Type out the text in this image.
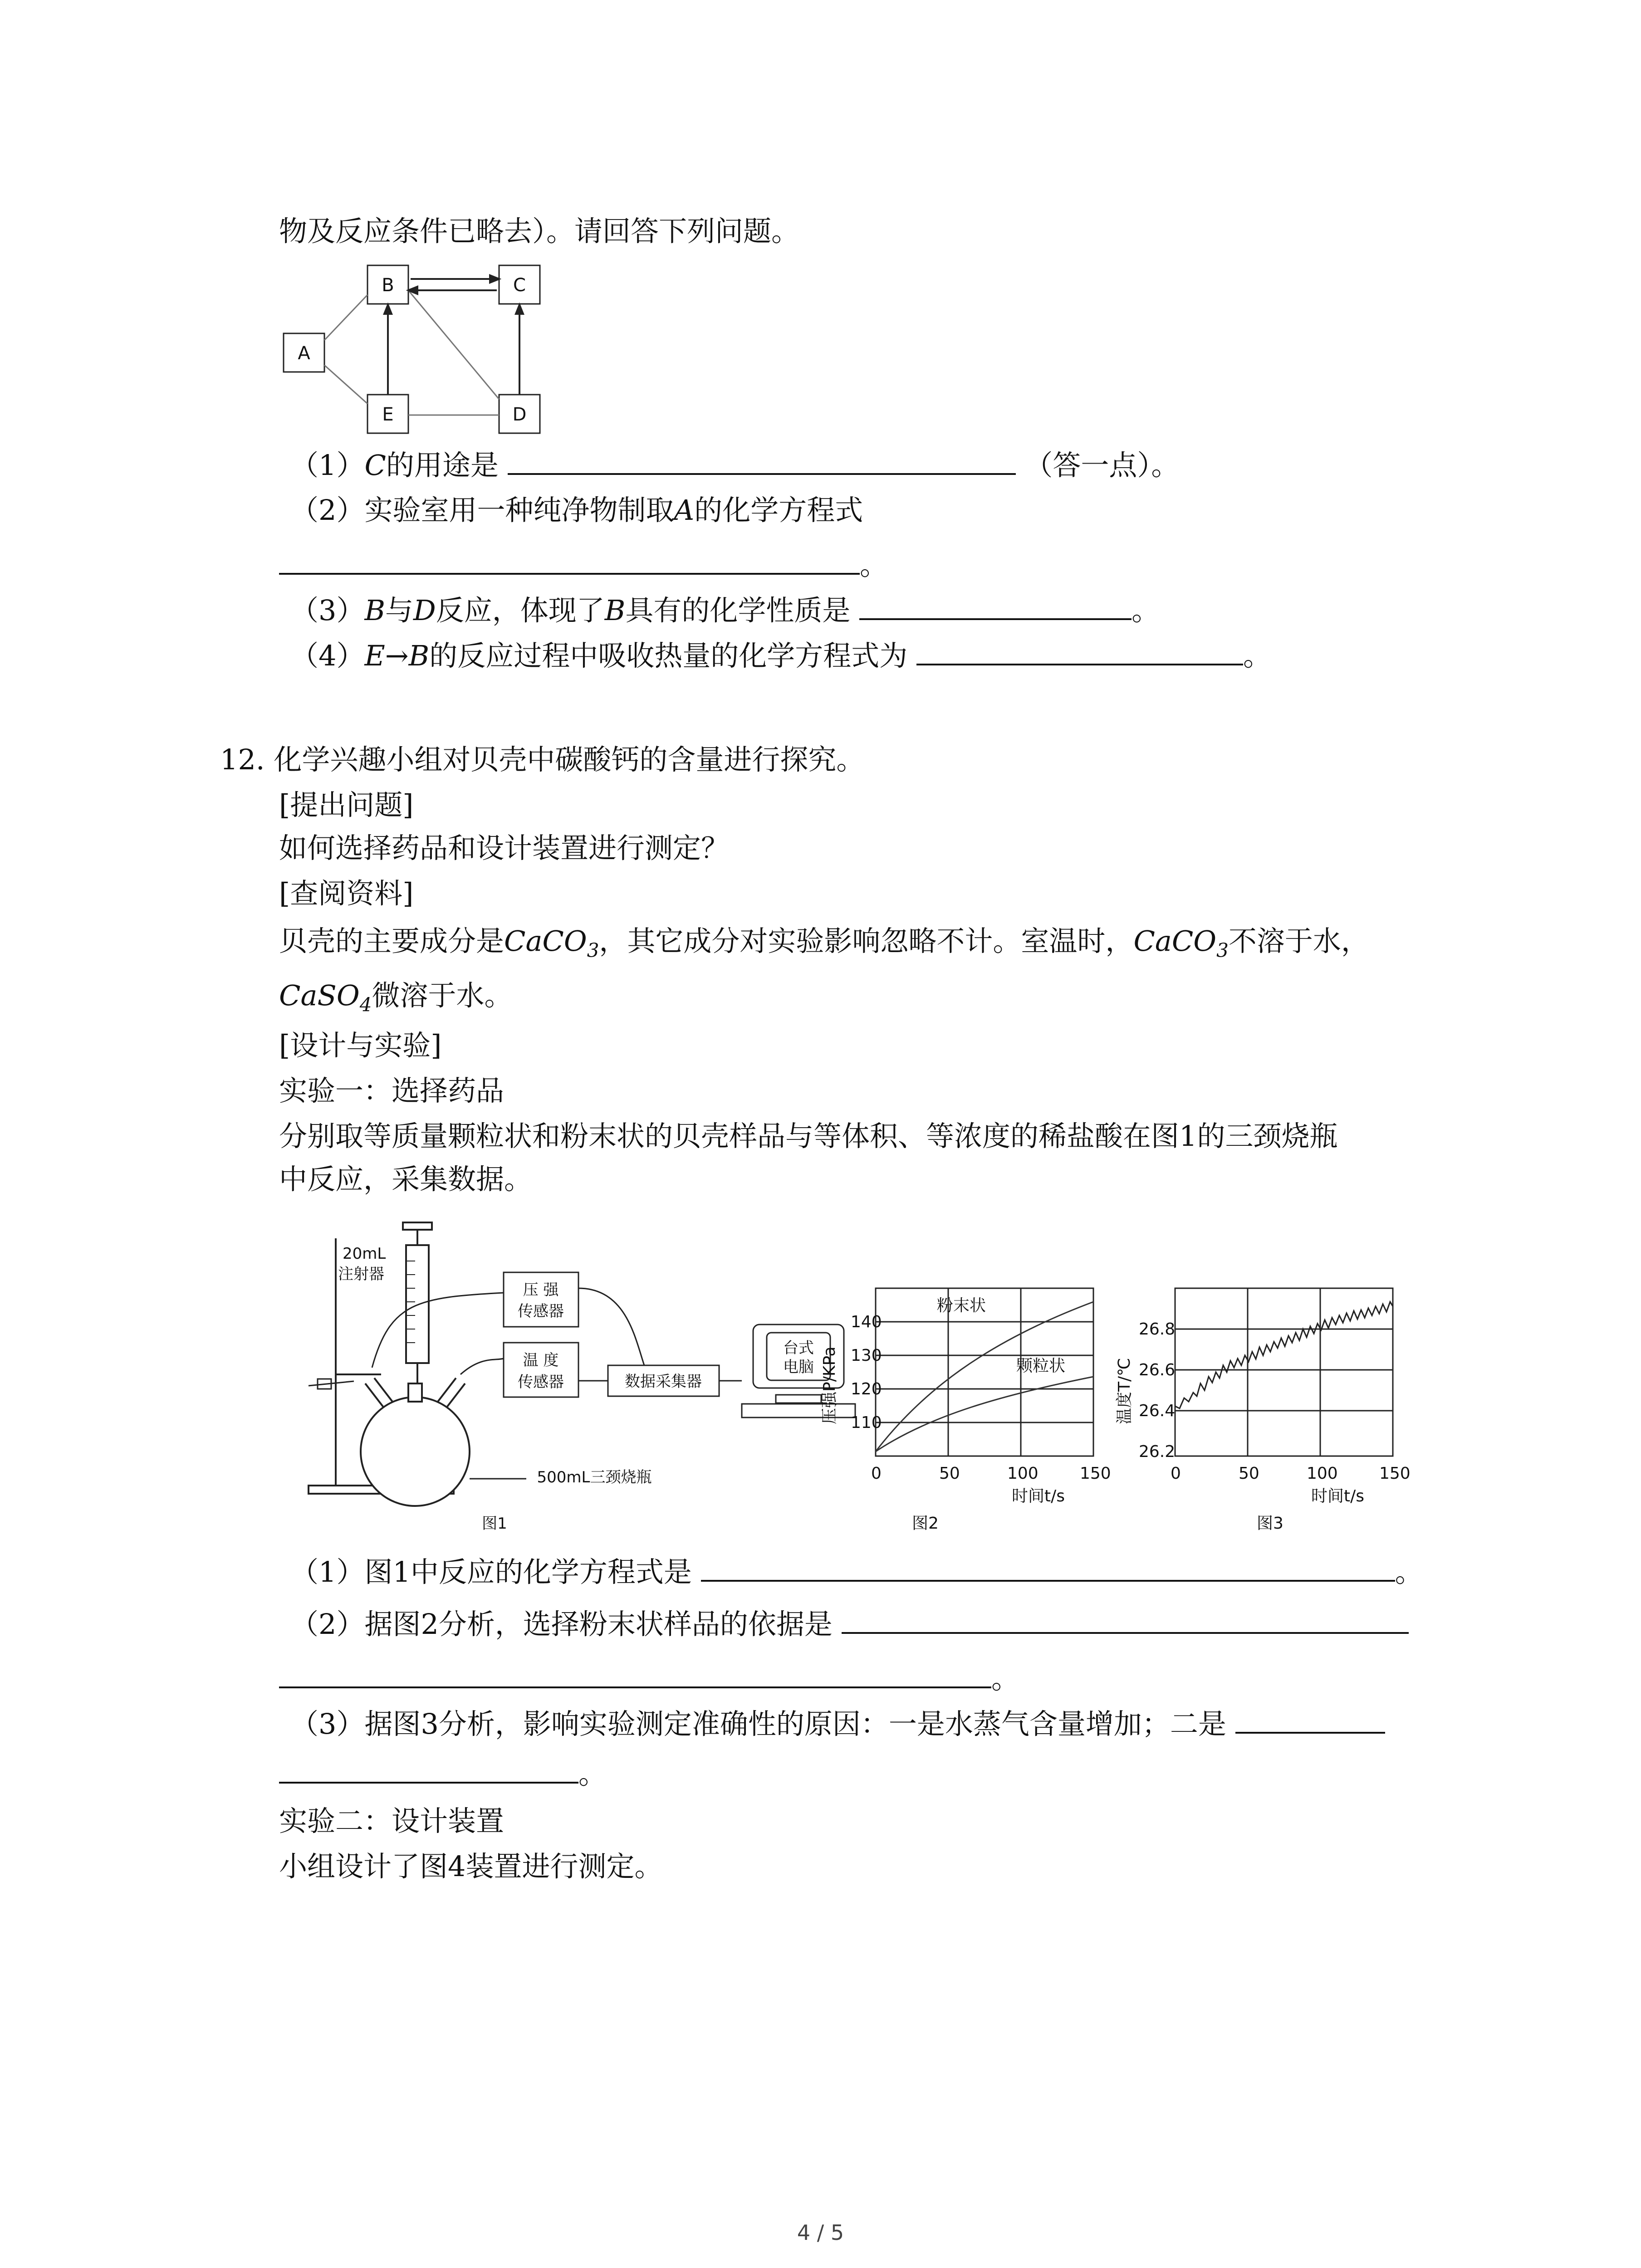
物及反应条件已略去）。请回答下列问题。
A
B	C
D
E
（1）C的用途是	（答一点）。
（2）实验室用一种纯净物制取A的化学方程式
。
（3）B与D反应，体现了B具有的化学性质是	。
（4）E→B的反应过程中吸收热量的化学方程式为	。
12. 化学兴趣小组对贝壳中碳酸钙的含量进行探究。
[提出问题]
如何选择药品和设计装置进行测定？
[查阅资料]
贝壳的主要成分是CaCO$_3$，其它成分对实验影响忽略不计。室温时，CaCO$_3$不溶于水，
CaSO$_4$微溶于水。
[设计与实验]
实验一：选择药品
分别取等质量颗粒状和粉末状的贝壳样品与等体积、等浓度的稀盐酸在图1的三颈烧瓶
中反应，采集数据。
20mL
注射器
压 强
传感器
温 度
传感器	数据采集器
台式
电脑
500mL三颈烧瓶
图1
粉末状
颗粒状
140
130
120
110
0	50	100	150
时间t/s
图2
压强P/KPa
26.8
26.6
26.4
26.2
0	50	100	150
时间t/s
图3
温度T/℃
（1）图1中反应的化学方程式是	。
（2）据图2分析，选择粉末状样品的依据是
。
（3）据图3分析，影响实验测定准确性的原因：一是水蒸气含量增加；二是
。
实验二：设计装置
小组设计了图4装置进行测定。
4 / 5
